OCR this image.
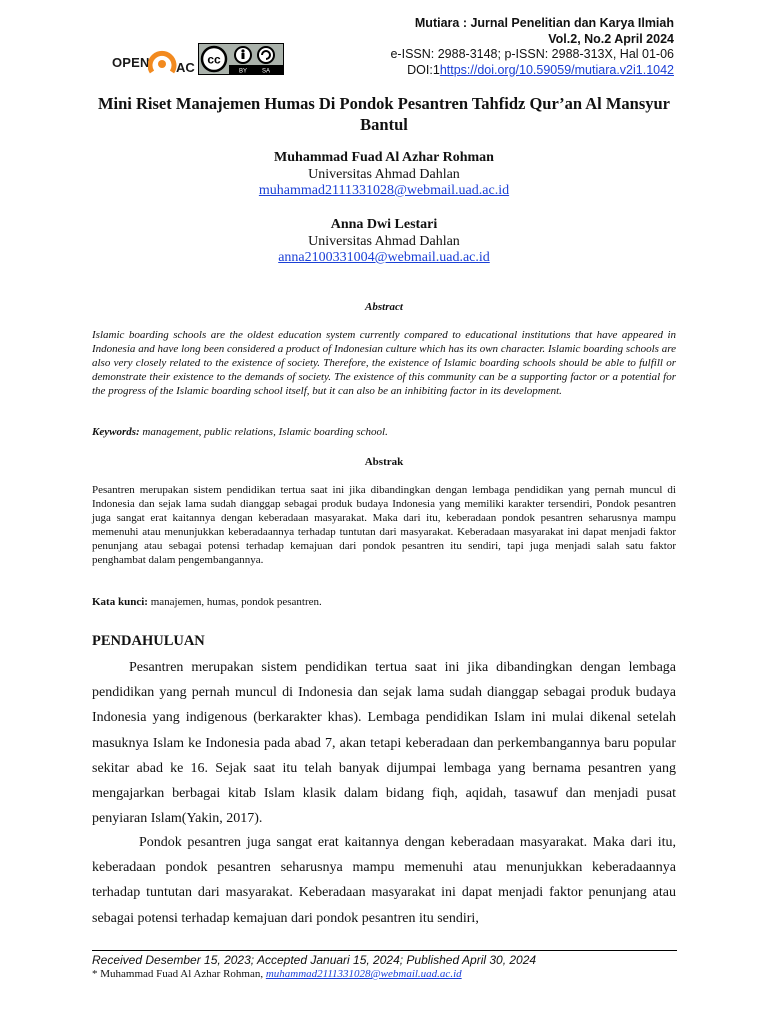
OPEN AC
cc
BY SA
Mutiara : Jurnal Penelitian dan Karya Ilmiah
Vol.2, No.2 April 2024
e-ISSN: 2988-3148; p-ISSN: 2988-313X, Hal 01-06
DOI:1https://doi.org/10.59059/mutiara.v2i1.1042
Mini Riset Manajemen Humas Di Pondok Pesantren Tahfidz Qur’an Al Mansyur Bantul
Muhammad Fuad Al Azhar Rohman
Universitas Ahmad Dahlan
muhammad2111331028@webmail.uad.ac.id
Anna Dwi Lestari
Universitas Ahmad Dahlan
anna2100331004@webmail.uad.ac.id
Abstract
Islamic boarding schools are the oldest education system currently compared to educational institutions that have appeared in Indonesia and have long been considered a product of Indonesian culture which has its own character. Islamic boarding schools are also very closely related to the existence of society. Therefore, the existence of Islamic boarding schools should be able to fulfill or demonstrate their existence to the demands of society. The existence of this community can be a supporting factor or a potential for the progress of the Islamic boarding school itself, but it can also be an inhibiting factor in its development.
Keywords: management, public relations, Islamic boarding school.
Abstrak
Pesantren merupakan sistem pendidikan tertua saat ini jika dibandingkan dengan lembaga pendidikan yang pernah muncul di Indonesia dan sejak lama sudah dianggap sebagai produk budaya Indonesia yang memiliki karakter tersendiri, Pondok pesantren juga sangat erat kaitannya dengan keberadaan masyarakat. Maka dari itu, keberadaan pondok pesantren seharusnya mampu memenuhi atau menunjukkan keberadaannya terhadap tuntutan dari masyarakat. Keberadaan masyarakat ini dapat menjadi faktor penunjang atau sebagai potensi terhadap kemajuan dari pondok pesantren itu sendiri, tapi juga menjadi salah satu faktor penghambat dalam pengembangannya.
Kata kunci: manajemen, humas, pondok pesantren.
PENDAHULUAN
Pesantren merupakan sistem pendidikan tertua saat ini jika dibandingkan dengan lembaga pendidikan yang pernah muncul di Indonesia dan sejak lama sudah dianggap sebagai produk budaya Indonesia yang indigenous (berkarakter khas). Lembaga pendidikan Islam ini mulai dikenal setelah masuknya Islam ke Indonesia pada abad 7, akan tetapi keberadaan dan perkembangannya baru popular sekitar abad ke 16. Sejak saat itu telah banyak dijumpai lembaga yang bernama pesantren yang mengajarkan berbagai kitab Islam klasik dalam bidang fiqh, aqidah, tasawuf dan menjadi pusat penyiaran Islam(Yakin, 2017).
Pondok pesantren juga sangat erat kaitannya dengan keberadaan masyarakat. Maka dari itu, keberadaan pondok pesantren seharusnya mampu memenuhi atau menunjukkan keberadaannya terhadap tuntutan dari masyarakat. Keberadaan masyarakat ini dapat menjadi faktor penunjang atau sebagai potensi terhadap kemajuan dari pondok pesantren itu sendiri,
Received Desember 15, 2023; Accepted Januari 15, 2024; Published April 30, 2024
* Muhammad Fuad Al Azhar Rohman, muhammad2111331028@webmail.uad.ac.id
